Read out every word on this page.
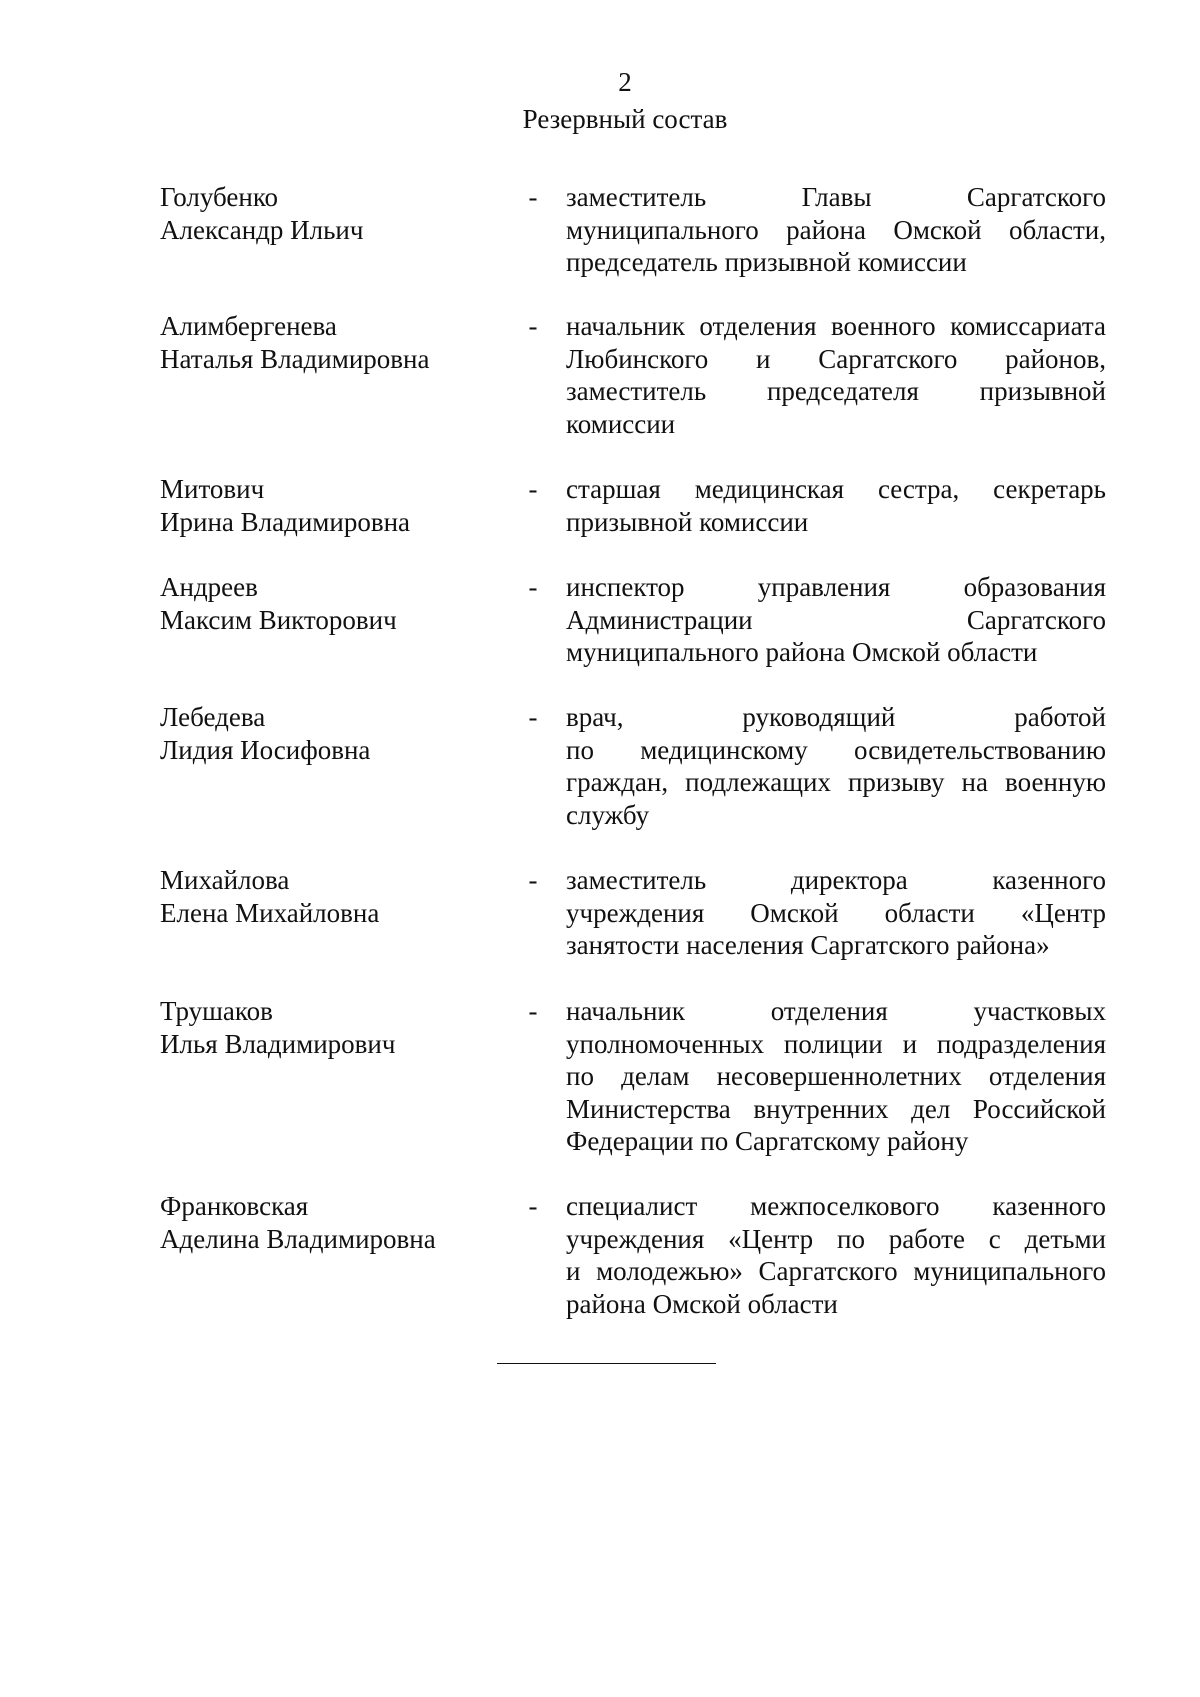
2
Резервный состав
Голубенко
Александр Ильич
- заместитель Главы Саргатского
муниципального района Омской области,
председатель призывной комиссии
Алимбергенева
Наталья Владимировна
- начальник отделения военного комиссариата
Любинского и Саргатского районов,
заместитель председателя призывной
комиссии
Митович
Ирина Владимировна
- старшая медицинская сестра, секретарь
призывной комиссии
Андреев
Максим Викторович
- инспектор управления образования
Администрации Саргатского
муниципального района Омской области
Лебедева
Лидия Иосифовна
- врач, руководящий работой
по медицинскому освидетельствованию
граждан, подлежащих призыву на военную
службу
Михайлова
Елена Михайловна
- заместитель директора казенного
учреждения Омской области «Центр
занятости населения Саргатского района»
Трушаков
Илья Владимирович
- начальник отделения участковых
уполномоченных полиции и подразделения
по делам несовершеннолетних отделения
Министерства внутренних дел Российской
Федерации по Саргатскому району
Франковская
Аделина Владимировна
- специалист межпоселкового казенного
учреждения «Центр по работе с детьми
и молодежью» Саргатского муниципального
района Омской области
